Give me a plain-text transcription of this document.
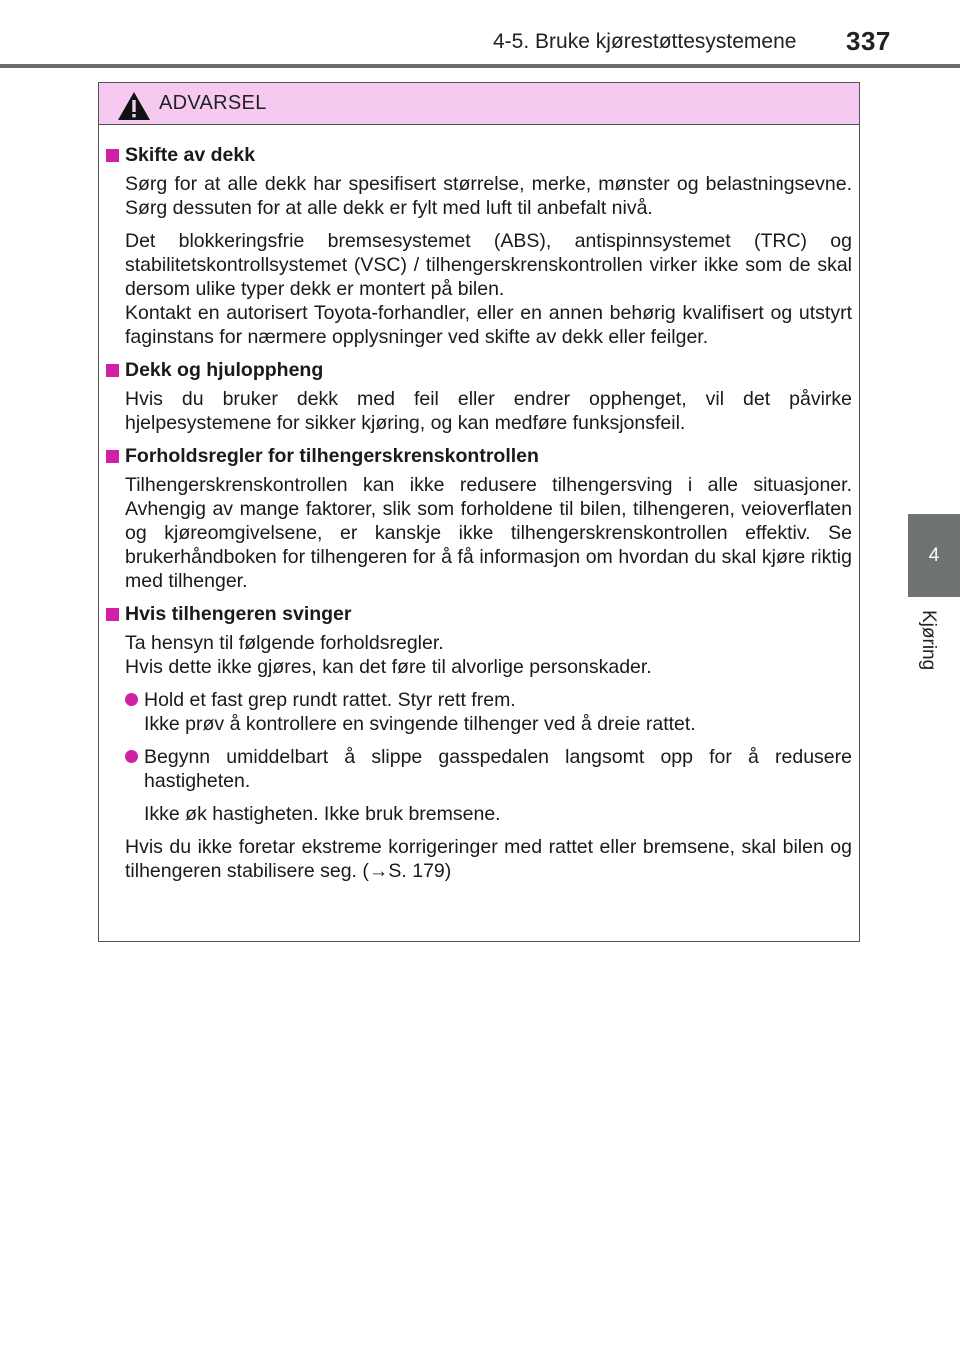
4-5. Bruke kjørestøttesystemene 337
4
Kjøring
ADVARSEL
Skifte av dekk
Sørg for at alle dekk har spesifisert størrelse, merke, mønster og belastningsevne. Sørg dessuten for at alle dekk er fylt med luft til anbefalt nivå.
Det blokkeringsfrie bremsesystemet (ABS), antispinnsystemet (TRC) og stabilitetskontrollsystemet (VSC) / tilhengerskrenskontrollen virker ikke som de skal dersom ulike typer dekk er montert på bilen.
Kontakt en autorisert Toyota-forhandler, eller en annen behørig kvalifisert og utstyrt faginstans for nærmere opplysninger ved skifte av dekk eller feilger.
Dekk og hjuloppheng
Hvis du bruker dekk med feil eller endrer opphenget, vil det påvirke hjelpesystemene for sikker kjøring, og kan medføre funksjonsfeil.
Forholdsregler for tilhengerskrenskontrollen
Tilhengerskrenskontrollen kan ikke redusere tilhengersving i alle situasjoner. Avhengig av mange faktorer, slik som forholdene til bilen, tilhengeren, veioverflaten og kjøreomgivelsene, er kanskje ikke tilhengerskrenskontrollen effektiv. Se brukerhåndboken for tilhengeren for å få informasjon om hvordan du skal kjøre riktig med tilhenger.
Hvis tilhengeren svinger
Ta hensyn til følgende forholdsregler.
Hvis dette ikke gjøres, kan det føre til alvorlige personskader.
Hold et fast grep rundt rattet. Styr rett frem.
Ikke prøv å kontrollere en svingende tilhenger ved å dreie rattet.
Begynn umiddelbart å slippe gasspedalen langsomt opp for å redusere hastigheten.
Ikke øk hastigheten. Ikke bruk bremsene.
Hvis du ikke foretar ekstreme korrigeringer med rattet eller bremsene, skal bilen og tilhengeren stabilisere seg. (→S. 179)
